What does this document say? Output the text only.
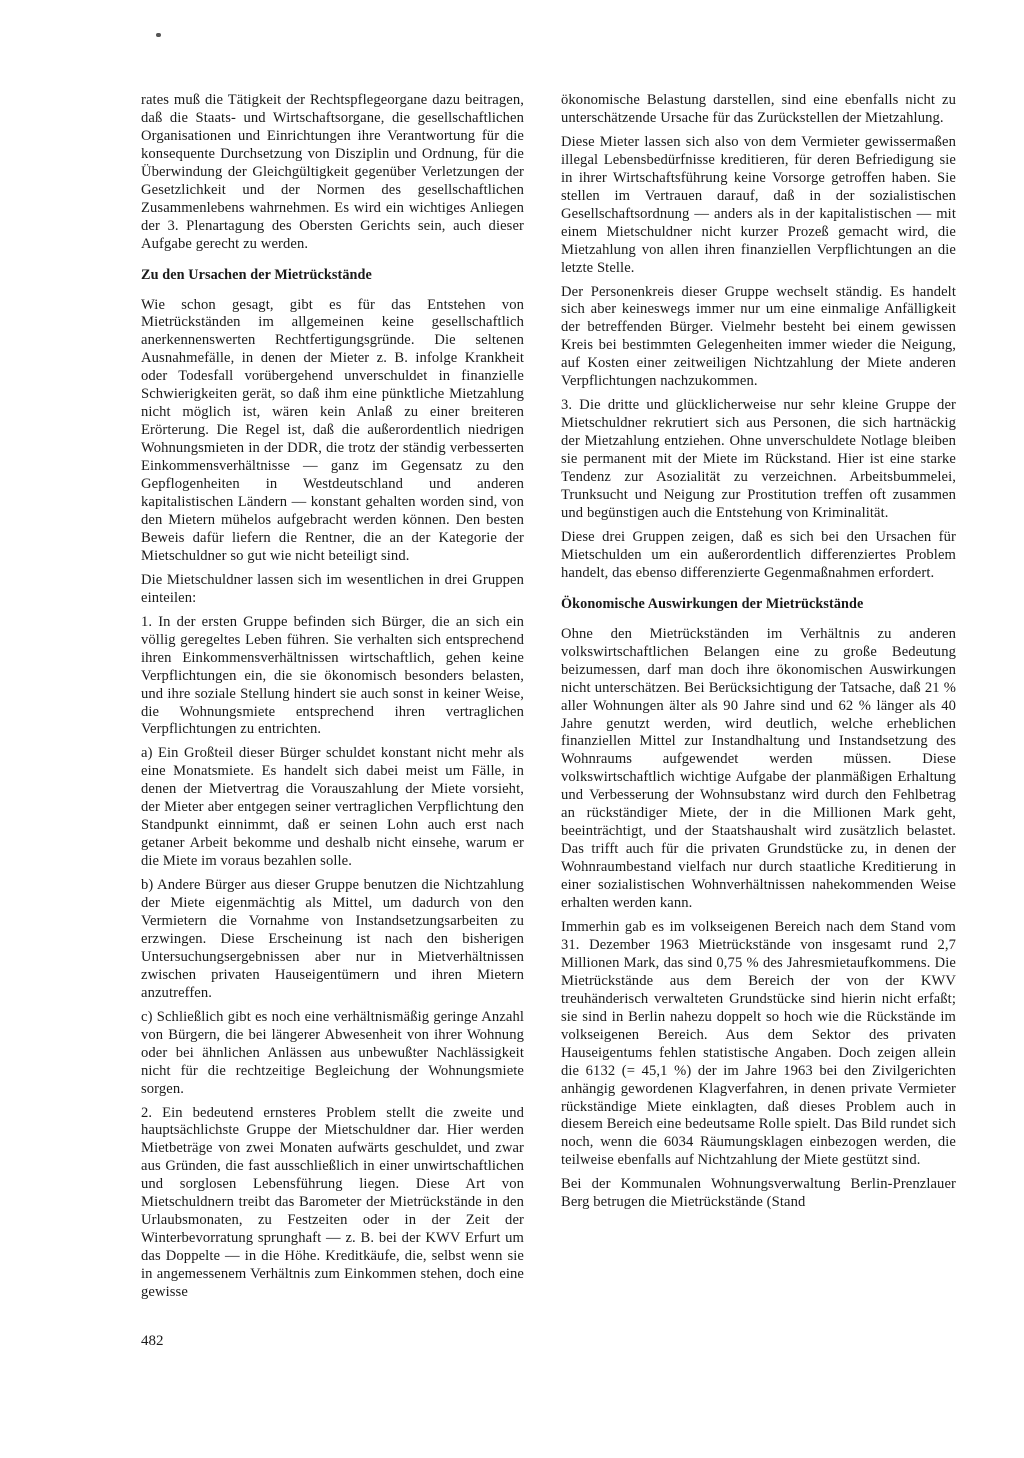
rates muß die Tätigkeit der Rechtspflegeorgane dazu beitragen, daß die Staats- und Wirtschaftsorgane, die gesellschaftlichen Organisationen und Einrichtungen ihre Verantwortung für die konsequente Durchsetzung von Disziplin und Ordnung, für die Überwindung der Gleichgültigkeit gegenüber Verletzungen der Gesetzlichkeit und der Normen des gesellschaftlichen Zusammenlebens wahrnehmen. Es wird ein wichtiges Anliegen der 3. Plenartagung des Obersten Gerichts sein, auch dieser Aufgabe gerecht zu werden.

Zu den Ursachen der Mietrückstände

Wie schon gesagt, gibt es für das Entstehen von Mietrückständen im allgemeinen keine gesellschaftlich anerkennenswerten Rechtfertigungsgründe. Die seltenen Ausnahmefälle, in denen der Mieter z. B. infolge Krankheit oder Todesfall vorübergehend unverschuldet in finanzielle Schwierigkeiten gerät, so daß ihm eine pünktliche Mietzahlung nicht möglich ist, wären kein Anlaß zu einer breiteren Erörterung. Die Regel ist, daß die außerordentlich niedrigen Wohnungsmieten in der DDR, die trotz der ständig verbesserten Einkommensverhältnisse — ganz im Gegensatz zu den Gepflogenheiten in Westdeutschland und anderen kapitalistischen Ländern — konstant gehalten worden sind, von den Mietern mühelos aufgebracht werden können. Den besten Beweis dafür liefern die Rentner, die an der Kategorie der Mietschuldner so gut wie nicht beteiligt sind.

Die Mietschuldner lassen sich im wesentlichen in drei Gruppen einteilen:

1. In der ersten Gruppe befinden sich Bürger, die an sich ein völlig geregeltes Leben führen. Sie verhalten sich entsprechend ihren Einkommensverhältnissen wirtschaftlich, gehen keine Verpflichtungen ein, die sie ökonomisch besonders belasten, und ihre soziale Stellung hindert sie auch sonst in keiner Weise, die Wohnungsmiete entsprechend ihren vertraglichen Verpflichtungen zu entrichten.

a) Ein Großteil dieser Bürger schuldet konstant nicht mehr als eine Monatsmiete. Es handelt sich dabei meist um Fälle, in denen der Mietvertrag die Vorauszahlung der Miete vorsieht, der Mieter aber entgegen seiner vertraglichen Verpflichtung den Standpunkt einnimmt, daß er seinen Lohn auch erst nach getaner Arbeit bekomme und deshalb nicht einsehe, warum er die Miete im voraus bezahlen solle.

b) Andere Bürger aus dieser Gruppe benutzen die Nichtzahlung der Miete eigenmächtig als Mittel, um dadurch von den Vermietern die Vornahme von Instandsetzungsarbeiten zu erzwingen. Diese Erscheinung ist nach den bisherigen Untersuchungsergebnissen aber nur in Mietverhältnissen zwischen privaten Hauseigentümern und ihren Mietern anzutreffen.

c) Schließlich gibt es noch eine verhältnismäßig geringe Anzahl von Bürgern, die bei längerer Abwesenheit von ihrer Wohnung oder bei ähnlichen Anlässen aus unbewußter Nachlässigkeit nicht für die rechtzeitige Begleichung der Wohnungsmiete sorgen.

2. Ein bedeutend ernsteres Problem stellt die zweite und hauptsächlichste Gruppe der Mietschuldner dar. Hier werden Mietbeträge von zwei Monaten aufwärts geschuldet, und zwar aus Gründen, die fast ausschließlich in einer unwirtschaftlichen und sorglosen Lebensführung liegen. Diese Art von Mietschuldnern treibt das Barometer der Mietrückstände in den Urlaubsmonaten, zu Festzeiten oder in der Zeit der Winterbevorratung sprunghaft — z. B. bei der KWV Erfurt um das Doppelte — in die Höhe. Kreditkäufe, die, selbst wenn sie in angemessenem Verhältnis zum Einkommen stehen, doch eine gewisse

ökonomische Belastung darstellen, sind eine ebenfalls nicht zu unterschätzende Ursache für das Zurückstellen der Mietzahlung.

Diese Mieter lassen sich also von dem Vermieter gewissermaßen illegal Lebensbedürfnisse kreditieren, für deren Befriedigung sie in ihrer Wirtschaftsführung keine Vorsorge getroffen haben. Sie stellen im Vertrauen darauf, daß in der sozialistischen Gesellschaftsordnung — anders als in der kapitalistischen — mit einem Mietschuldner nicht kurzer Prozeß gemacht wird, die Mietzahlung von allen ihren finanziellen Verpflichtungen an die letzte Stelle.

Der Personenkreis dieser Gruppe wechselt ständig. Es handelt sich aber keineswegs immer nur um eine einmalige Anfälligkeit der betreffenden Bürger. Vielmehr besteht bei einem gewissen Kreis bei bestimmten Gelegenheiten immer wieder die Neigung, auf Kosten einer zeitweiligen Nichtzahlung der Miete anderen Verpflichtungen nachzukommen.

3. Die dritte und glücklicherweise nur sehr kleine Gruppe der Mietschuldner rekrutiert sich aus Personen, die sich hartnäckig der Mietzahlung entziehen. Ohne unverschuldete Notlage bleiben sie permanent mit der Miete im Rückstand. Hier ist eine starke Tendenz zur Asozialität zu verzeichnen. Arbeitsbummelei, Trunksucht und Neigung zur Prostitution treffen oft zusammen und begünstigen auch die Entstehung von Kriminalität.

Diese drei Gruppen zeigen, daß es sich bei den Ursachen für Mietschulden um ein außerordentlich differenziertes Problem handelt, das ebenso differenzierte Gegenmaßnahmen erfordert.

Ökonomische Auswirkungen der Mietrückstände

Ohne den Mietrückständen im Verhältnis zu anderen volkswirtschaftlichen Belangen eine zu große Bedeutung beizumessen, darf man doch ihre ökonomischen Auswirkungen nicht unterschätzen. Bei Berücksichtigung der Tatsache, daß 21 % aller Wohnungen älter als 90 Jahre sind und 62 % länger als 40 Jahre genutzt werden, wird deutlich, welche erheblichen finanziellen Mittel zur Instandhaltung und Instandsetzung des Wohnraums aufgewendet werden müssen. Diese volkswirtschaftlich wichtige Aufgabe der planmäßigen Erhaltung und Verbesserung der Wohnsubstanz wird durch den Fehlbetrag an rückständiger Miete, der in die Millionen Mark geht, beeinträchtigt, und der Staatshaushalt wird zusätzlich belastet. Das trifft auch für die privaten Grundstücke zu, in denen der Wohnraumbestand vielfach nur durch staatliche Kreditierung in einer sozialistischen Wohnverhältnissen nahekommenden Weise erhalten werden kann.

Immerhin gab es im volkseigenen Bereich nach dem Stand vom 31. Dezember 1963 Mietrückstände von insgesamt rund 2,7 Millionen Mark, das sind 0,75 % des Jahresmietaufkommens. Die Mietrückstände aus dem Bereich der von der KWV treuhänderisch verwalteten Grundstücke sind hierin nicht erfaßt; sie sind in Berlin nahezu doppelt so hoch wie die Rückstände im volkseigenen Bereich. Aus dem Sektor des privaten Hauseigentums fehlen statistische Angaben. Doch zeigen allein die 6132 (= 45,1 %) der im Jahre 1963 bei den Zivilgerichten anhängig gewordenen Klagverfahren, in denen private Vermieter rückständige Miete einklagten, daß dieses Problem auch in diesem Bereich eine bedeutsame Rolle spielt. Das Bild rundet sich noch, wenn die 6034 Räumungsklagen einbezogen werden, die teilweise ebenfalls auf Nichtzahlung der Miete gestützt sind.

Bei der Kommunalen Wohnungsverwaltung Berlin-Prenzlauer Berg betrugen die Mietrückstände (Stand

482
